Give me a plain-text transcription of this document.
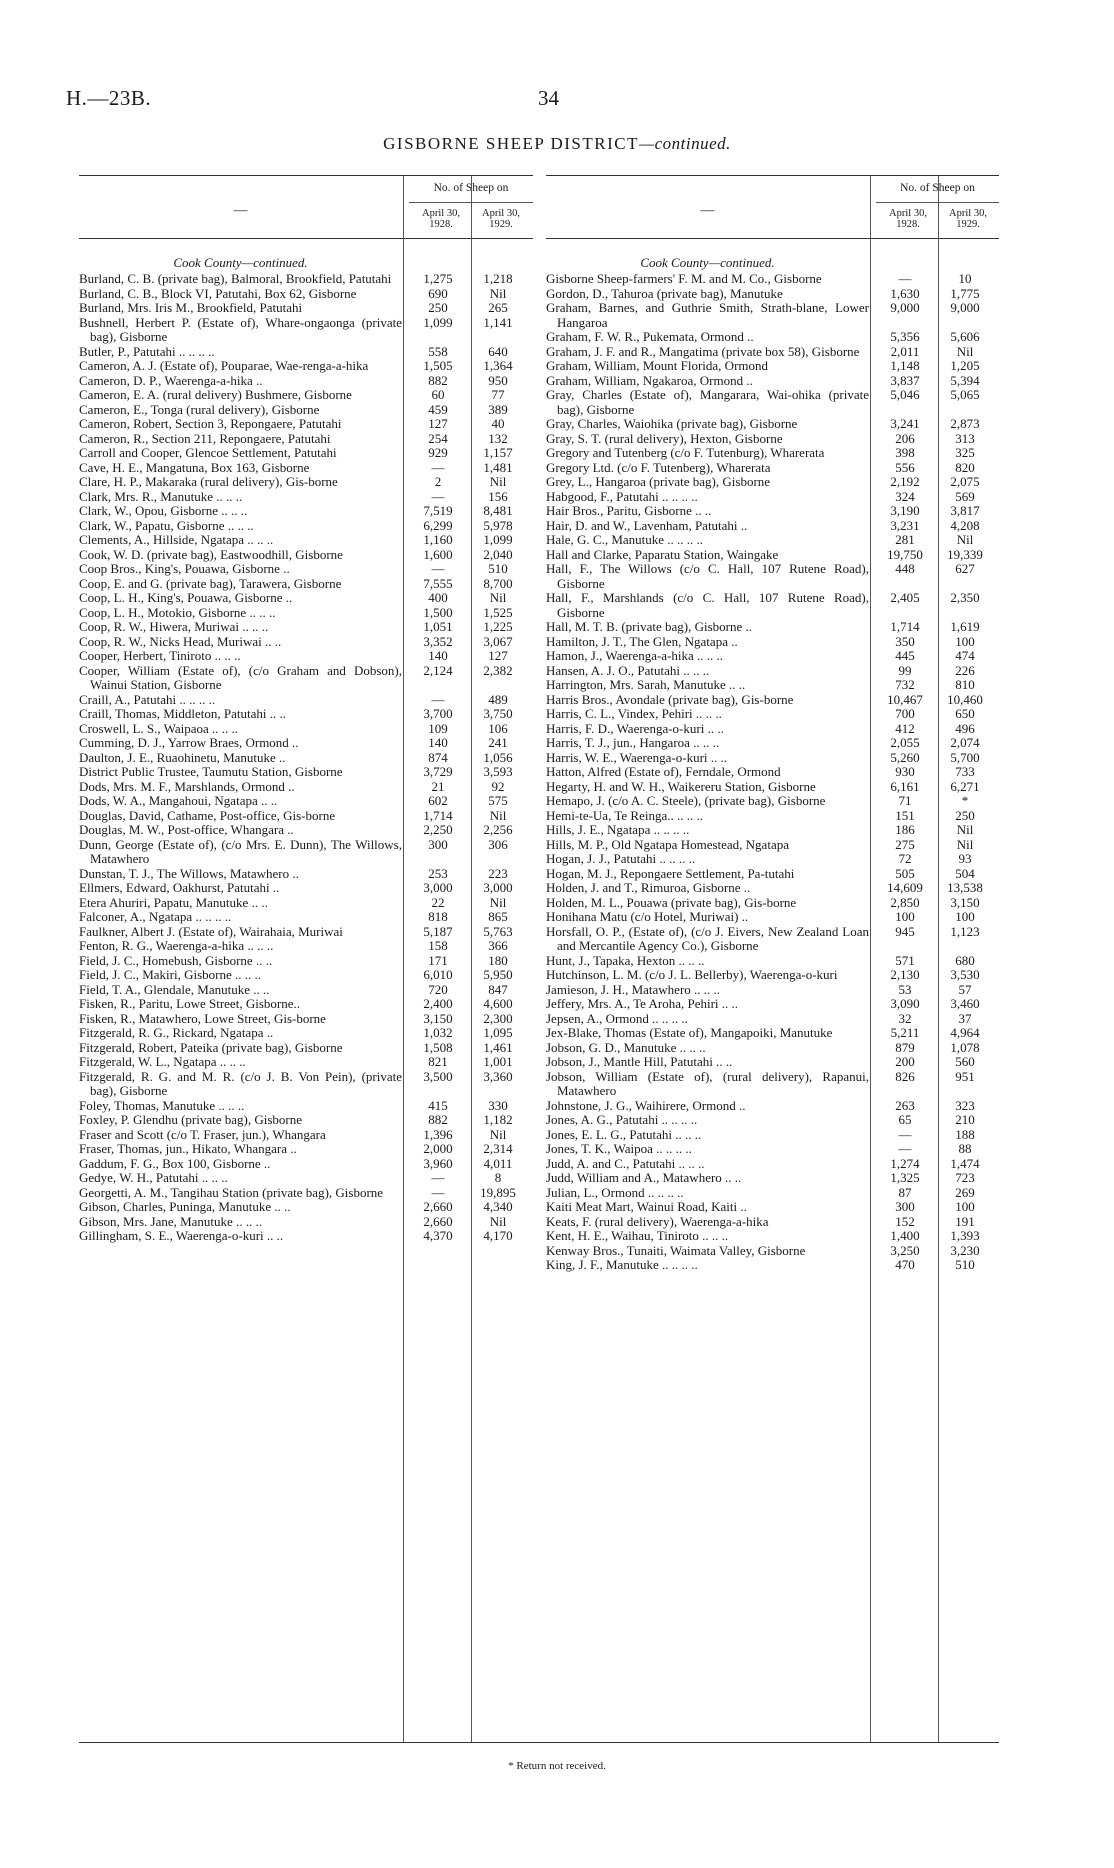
H.—23B.	34
GISBORNE SHEEP DISTRICT—continued.
—
No. of Sheep on
April 30, 1928.
April 30, 1929.
Cook County—continued.
Burland, C. B. (private bag), Balmoral, Brookfield, Patutahi	1,275	1,218
Burland, C. B., Block VI, Patutahi, Box 62, Gisborne	690	Nil
Burland, Mrs. Iris M., Brookfield, Patutahi	250	265
Bushnell, Herbert P. (Estate of), Whare-ongaonga (private bag), Gisborne
1,099	1,141
Butler, P., Patutahi .. .. .. ..	558	640
Cameron, A. J. (Estate of), Pouparae, Wae-renga-a-hika	1,505	1,364
Cameron, D. P., Waerenga-a-hika ..	882	950
Cameron, E. A. (rural delivery) Bushmere, Gisborne	60	77
Cameron, E., Tonga (rural delivery), Gisborne	459	389
Cameron, Robert, Section 3, Repongaere, Patutahi	127	40
Cameron, R., Section 211, Repongaere, Patutahi	254	132
Carroll and Cooper, Glencoe Settlement, Patutahi	929	1,157
Cave, H. E., Mangatuna, Box 163, Gisborne	—	1,481
Clare, H. P., Makaraka (rural delivery), Gis-borne	2	Nil
Clark, Mrs. R., Manutuke .. .. ..	—	156
Clark, W., Opou, Gisborne .. .. ..	7,519	8,481
Clark, W., Papatu, Gisborne .. .. ..	6,299	5,978
Clements, A., Hillside, Ngatapa .. .. ..	1,160	1,099
Cook, W. D. (private bag), Eastwoodhill, Gisborne	1,600	2,040
Coop Bros., King's, Pouawa, Gisborne ..	—	510
Coop, E. and G. (private bag), Tarawera, Gisborne	7,555	8,700
Coop, L. H., King's, Pouawa, Gisborne ..	400	Nil
Coop, L. H., Motokio, Gisborne .. .. ..	1,500	1,525
Coop, R. W., Hiwera, Muriwai .. .. ..	1,051	1,225
Coop, R. W., Nicks Head, Muriwai .. ..	3,352	3,067
Cooper, Herbert, Tiniroto .. .. ..	140	127
Cooper, William (Estate of), (c/o Graham and Dobson), Wainui Station, Gisborne
2,124	2,382
Craill, A., Patutahi .. .. .. ..	—	489
Craill, Thomas, Middleton, Patutahi .. ..	3,700	3,750
Croswell, L. S., Waipaoa .. .. ..	109	106
Cumming, D. J., Yarrow Braes, Ormond ..	140	241
Daulton, J. E., Ruaohinetu, Manutuke ..	874	1,056
District Public Trustee, Taumutu Station, Gisborne	3,729	3,593
Dods, Mrs. M. F., Marshlands, Ormond ..	21	92
Dods, W. A., Mangahoui, Ngatapa .. ..	602	575
Douglas, David, Cathame, Post-office, Gis-borne	1,714	Nil
Douglas, M. W., Post-office, Whangara ..	2,250	2,256
Dunn, George (Estate of), (c/o Mrs. E. Dunn), The Willows, Matawhero
300	306
Dunstan, T. J., The Willows, Matawhero ..	253	223
Ellmers, Edward, Oakhurst, Patutahi ..	3,000	3,000
Etera Ahuriri, Papatu, Manutuke .. ..	22	Nil
Falconer, A., Ngatapa .. .. .. ..	818	865
Faulkner, Albert J. (Estate of), Wairahaia, Muriwai	5,187	5,763
Fenton, R. G., Waerenga-a-hika .. .. ..	158	366
Field, J. C., Homebush, Gisborne .. ..	171	180
Field, J. C., Makiri, Gisborne .. .. ..	6,010	5,950
Field, T. A., Glendale, Manutuke .. ..	720	847
Fisken, R., Paritu, Lowe Street, Gisborne..	2,400	4,600
Fisken, R., Matawhero, Lowe Street, Gis-borne	3,150	2,300
Fitzgerald, R. G., Rickard, Ngatapa ..	1,032	1,095
Fitzgerald, Robert, Pateika (private bag), Gisborne	1,508	1,461
Fitzgerald, W. L., Ngatapa .. .. ..	821	1,001
Fitzgerald, R. G. and M. R. (c/o J. B. Von Pein), (private bag), Gisborne
3,500	3,360
Foley, Thomas, Manutuke .. .. ..	415	330
Foxley, P. Glendhu (private bag), Gisborne	882	1,182
Fraser and Scott (c/o T. Fraser, jun.), Whangara	1,396	Nil
Fraser, Thomas, jun., Hikato, Whangara ..	2,000	2,314
Gaddum, F. G., Box 100, Gisborne ..	3,960	4,011
Gedye, W. H., Patutahi .. .. ..	—	8
Georgetti, A. M., Tangihau Station (private bag), Gisborne	—	19,895
Gibson, Charles, Puninga, Manutuke .. ..	2,660	4,340
Gibson, Mrs. Jane, Manutuke .. .. ..	2,660	Nil
Gillingham, S. E., Waerenga-o-kuri .. ..	4,370	4,170
—
No. of Sheep on
April 30, 1928.
April 30, 1929.
Cook County—continued.
Gisborne Sheep-farmers' F. M. and M. Co., Gisborne	—	10
Gordon, D., Tahuroa (private bag), Manutuke	1,630	1,775
Graham, Barnes, and Guthrie Smith, Strath-blane, Lower Hangaroa
9,000	9,000
Graham, F. W. R., Pukemata, Ormond ..	5,356	5,606
Graham, J. F. and R., Mangatima (private box 58), Gisborne	2,011	Nil
Graham, William, Mount Florida, Ormond	1,148	1,205
Graham, William, Ngakaroa, Ormond ..	3,837	5,394
Gray, Charles (Estate of), Mangarara, Wai-ohika (private bag), Gisborne
5,046	5,065
Gray, Charles, Waiohika (private bag), Gisborne	3,241	2,873
Gray, S. T. (rural delivery), Hexton, Gisborne	206	313
Gregory and Tutenberg (c/o F. Tutenburg), Wharerata	398	325
Gregory Ltd. (c/o F. Tutenberg), Wharerata	556	820
Grey, L., Hangaroa (private bag), Gisborne	2,192	2,075
Habgood, F., Patutahi .. .. .. ..	324	569
Hair Bros., Paritu, Gisborne .. ..	3,190	3,817
Hair, D. and W., Lavenham, Patutahi ..	3,231	4,208
Hale, G. C., Manutuke .. .. .. ..	281	Nil
Hall and Clarke, Paparatu Station, Waingake	19,750	19,339
Hall, F., The Willows (c/o C. Hall, 107 Rutene Road), Gisborne
448	627
Hall, F., Marshlands (c/o C. Hall, 107 Rutene Road), Gisborne
2,405	2,350
Hall, M. T. B. (private bag), Gisborne ..	1,714	1,619
Hamilton, J. T., The Glen, Ngatapa ..	350	100
Hamon, J., Waerenga-a-hika .. .. ..	445	474
Hansen, A. J. O., Patutahi .. .. ..	99	226
Harrington, Mrs. Sarah, Manutuke .. ..	732	810
Harris Bros., Avondale (private bag), Gis-borne	10,467	10,460
Harris, C. L., Vindex, Pehiri .. .. ..	700	650
Harris, F. D., Waerenga-o-kuri .. ..	412	496
Harris, T. J., jun., Hangaroa .. .. ..	2,055	2,074
Harris, W. E., Waerenga-o-kuri .. ..	5,260	5,700
Hatton, Alfred (Estate of), Ferndale, Ormond	930	733
Hegarty, H. and W. H., Waikereru Station, Gisborne	6,161	6,271
Hemapo, J. (c/o A. C. Steele), (private bag), Gisborne	71	*
Hemi-te-Ua, Te Reinga.. .. .. ..	151	250
Hills, J. E., Ngatapa .. .. .. ..	186	Nil
Hills, M. P., Old Ngatapa Homestead, Ngatapa	275	Nil
Hogan, J. J., Patutahi .. .. .. ..	72	93
Hogan, M. J., Repongaere Settlement, Pa-tutahi	505	504
Holden, J. and T., Rimuroa, Gisborne ..	14,609	13,538
Holden, M. L., Pouawa (private bag), Gis-borne	2,850	3,150
Honihana Matu (c/o Hotel, Muriwai) ..	100	100
Horsfall, O. P., (Estate of), (c/o J. Eivers, New Zealand Loan and Mercantile Agency Co.), Gisborne
945	1,123
Hunt, J., Tapaka, Hexton .. .. ..	571	680
Hutchinson, L. M. (c/o J. L. Bellerby), Waerenga-o-kuri	2,130	3,530
Jamieson, J. H., Matawhero .. .. ..	53	57
Jeffery, Mrs. A., Te Aroha, Pehiri .. ..	3,090	3,460
Jepsen, A., Ormond .. .. .. ..	32	37
Jex-Blake, Thomas (Estate of), Mangapoiki, Manutuke	5,211	4,964
Jobson, G. D., Manutuke .. .. ..	879	1,078
Jobson, J., Mantle Hill, Patutahi .. ..	200	560
Jobson, William (Estate of), (rural delivery), Rapanui, Matawhero
826	951
Johnstone, J. G., Waihirere, Ormond ..	263	323
Jones, A. G., Patutahi .. .. .. ..	65	210
Jones, E. L. G., Patutahi .. .. ..	—	188
Jones, T. K., Waipoa .. .. .. ..	—	88
Judd, A. and C., Patutahi .. .. ..	1,274	1,474
Judd, William and A., Matawhero .. ..	1,325	723
Julian, L., Ormond .. .. .. ..	87	269
Kaiti Meat Mart, Wainui Road, Kaiti ..	300	100
Keats, F. (rural delivery), Waerenga-a-hika	152	191
Kent, H. E., Waihau, Tiniroto .. .. ..	1,400	1,393
Kenway Bros., Tunaiti, Waimata Valley, Gisborne	3,250	3,230
King, J. F., Manutuke .. .. .. ..	470	510
* Return not received.
